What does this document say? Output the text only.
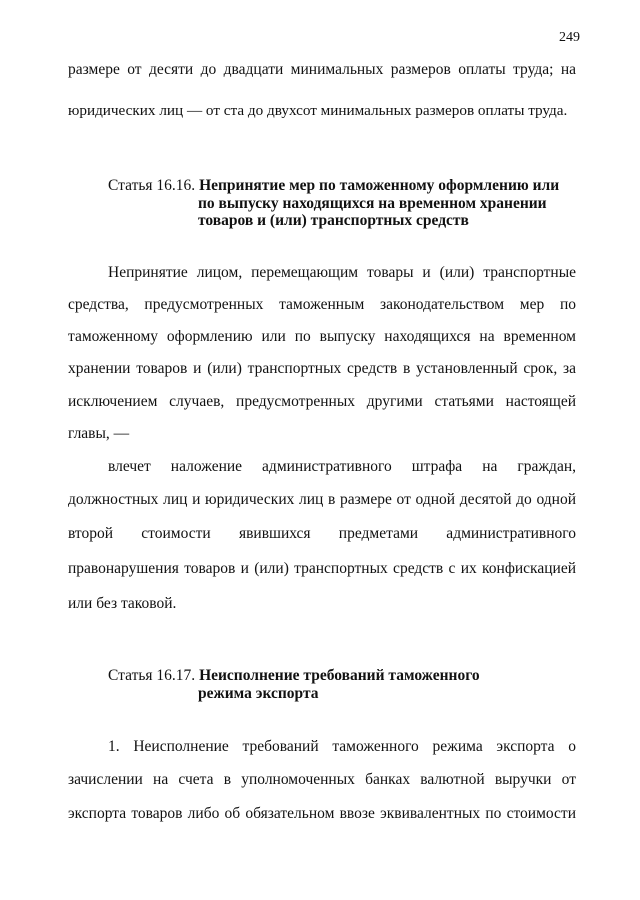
249
размере от десяти до двадцати минимальных размеров оплаты труда; на
юридических лиц — от ста до двухсот минимальных размеров оплаты труда.
Статья 16.16. Непринятие мер по таможенному оформлению или
по выпуску находящихся на временном хранении
товаров и (или) транспортных средств
Непринятие лицом, перемещающим товары и (или) транспортные
средства, предусмотренных таможенным законодательством мер по
таможенному оформлению или по выпуску находящихся на временном
хранении товаров и (или) транспортных средств в установленный срок, за
исключением случаев, предусмотренных другими статьями настоящей
главы, —
влечет наложение административного штрафа на граждан,
должностных лиц и юридических лиц в размере от одной десятой до одной
второй стоимости явившихся предметами административного
правонарушения товаров и (или) транспортных средств с их конфискацией
или без таковой.
Статья 16.17. Неисполнение требований таможенного
режима экспорта
1. Неисполнение требований таможенного режима экспорта о
зачислении на счета в уполномоченных банках валютной выручки от
экспорта товаров либо об обязательном ввозе эквивалентных по стоимости
